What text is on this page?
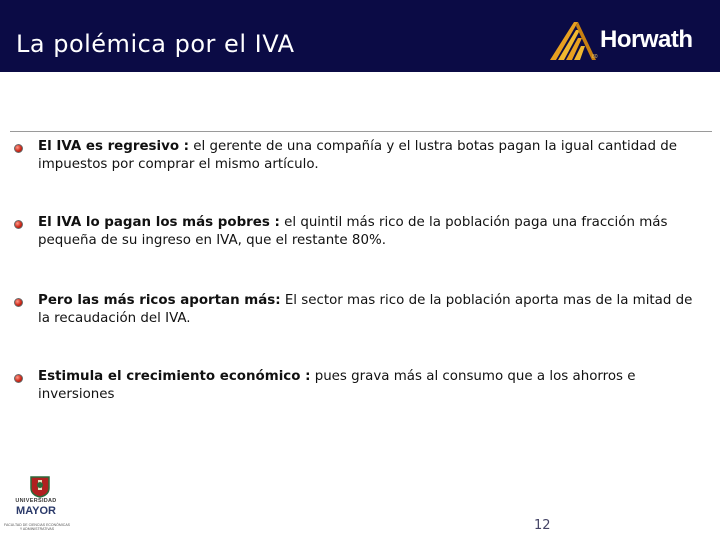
La polémica por el IVA	Horwath
80
El IVA es regresivo : el gerente de una compañía y el lustra botas pagan la igual cantidad de impuestos por comprar el mismo artículo.
El IVA lo pagan los más pobres : el quintil más rico de la población paga una fracción más pequeña de su ingreso en IVA, que el restante 80%.
Pero las más ricos aportan más: El sector mas rico de la población aporta mas de la mitad de la recaudación del IVA.
Estimula el crecimiento económico : pues grava más al consumo que a los ahorros e inversiones
UNIVERSIDAD
MAYOR
FACULTAD DE CIENCIAS ECONÓMICAS Y ADMINISTRATIVAS	12
